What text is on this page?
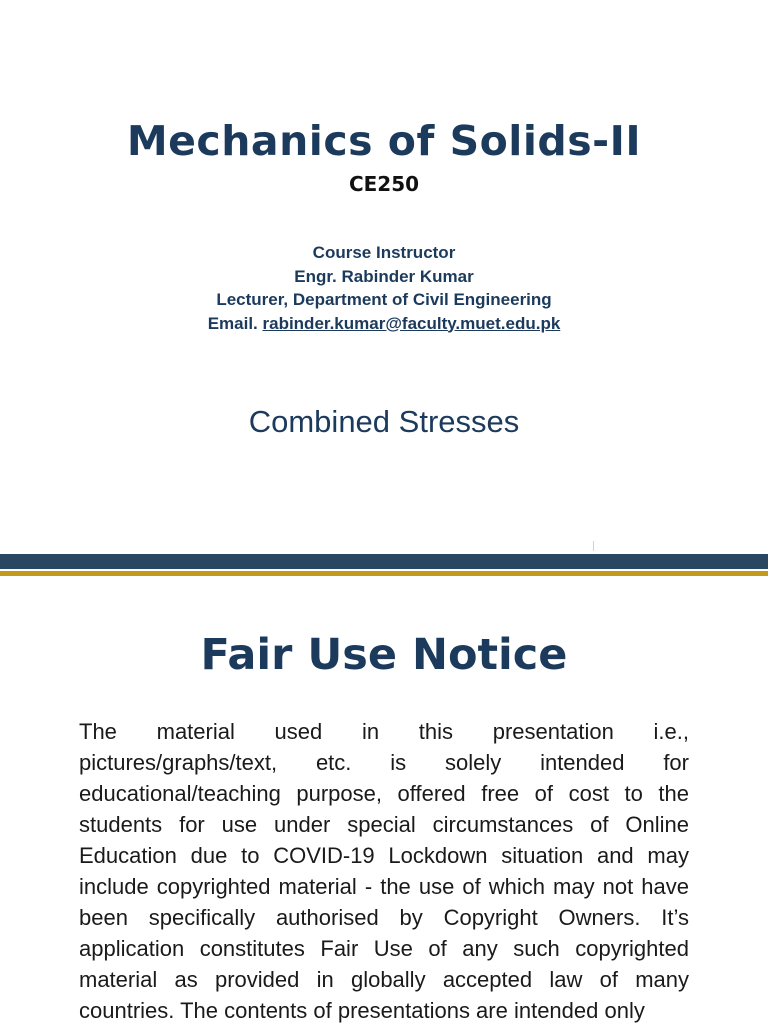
Mechanics of Solids-II
CE250
Course Instructor
Engr. Rabinder Kumar
Lecturer, Department of Civil Engineering
Email. rabinder.kumar@faculty.muet.edu.pk
Combined Stresses
Fair Use Notice
The material used in this presentation i.e., pictures/graphs/text, etc. is solely intended for educational/teaching purpose, offered free of cost to the students for use under special circumstances of Online Education due to COVID-19 Lockdown situation and may include copyrighted material - the use of which may not have been specifically authorised by Copyright Owners. It’s application constitutes Fair Use of any such copyrighted material as provided in globally accepted law of many countries. The contents of presentations are intended only
